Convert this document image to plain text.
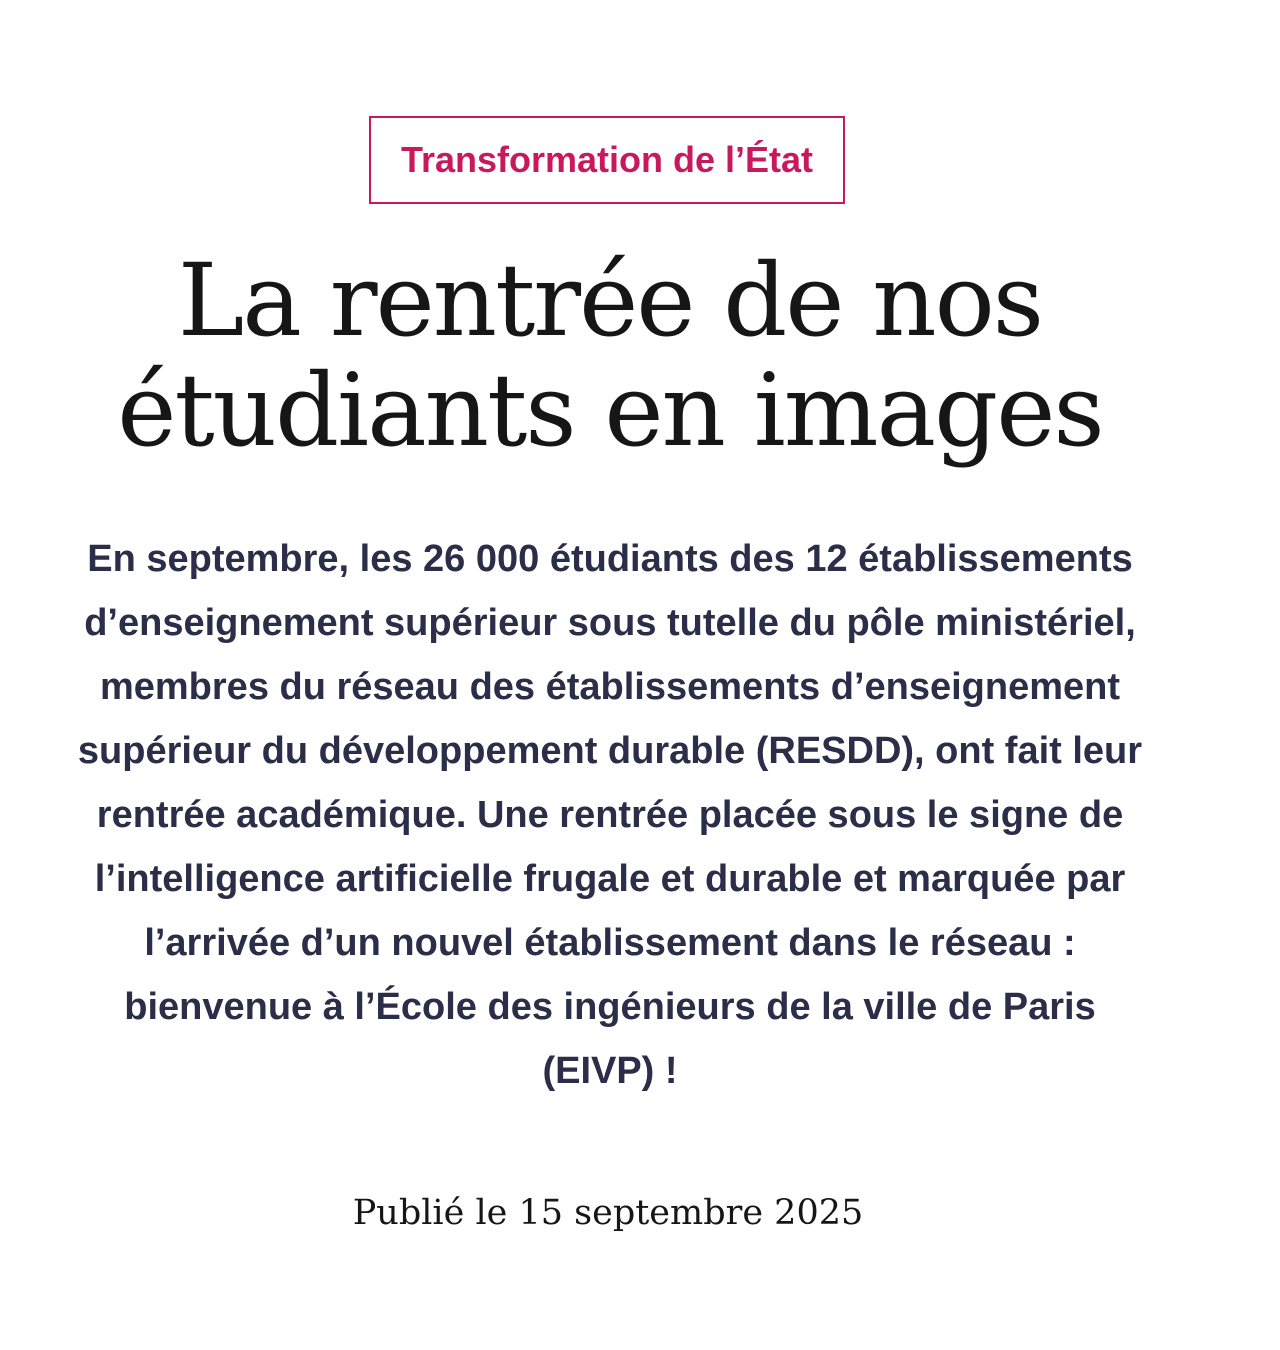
Transformation de l’État
La rentrée de nos
étudiants en images

En septembre, les 26 000 étudiants des 12 établissements
d’enseignement supérieur sous tutelle du pôle ministériel,
membres du réseau des établissements d’enseignement
supérieur du développement durable (RESDD), ont fait leur
rentrée académique. Une rentrée placée sous le signe de
l’intelligence artificielle frugale et durable et marquée par
l’arrivée d’un nouvel établissement dans le réseau :
bienvenue à l’École des ingénieurs de la ville de Paris
(EIVP) !

Publié le 15 septembre 2025
